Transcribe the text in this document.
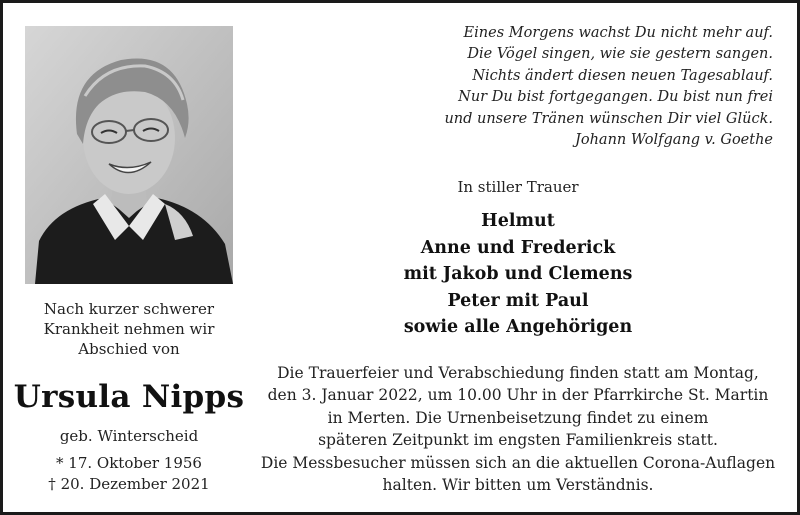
Nach kurzer schwerer
Krankheit nehmen wir
Abschied von
Ursula Nipps
geb. Winterscheid
* 17. Oktober 1956
† 20. Dezember 2021
Eines Morgens wachst Du nicht mehr auf.
Die Vögel singen, wie sie gestern sangen.
Nichts ändert diesen neuen Tagesablauf.
Nur Du bist fortgegangen. Du bist nun frei
und unsere Tränen wünschen Dir viel Glück.
Johann Wolfgang v. Goethe
In stiller Trauer
Helmut
Anne und Frederick
mit Jakob und Clemens
Peter mit Paul
sowie alle Angehörigen
Die Trauerfeier und Verabschiedung finden statt am Montag,
den 3. Januar 2022, um 10.00 Uhr in der Pfarrkirche St. Martin
in Merten. Die Urnenbeisetzung findet zu einem
späteren Zeitpunkt im engsten Familienkreis statt.
Die Messbesucher müssen sich an die aktuellen Corona-Auflagen
halten. Wir bitten um Verständnis.
